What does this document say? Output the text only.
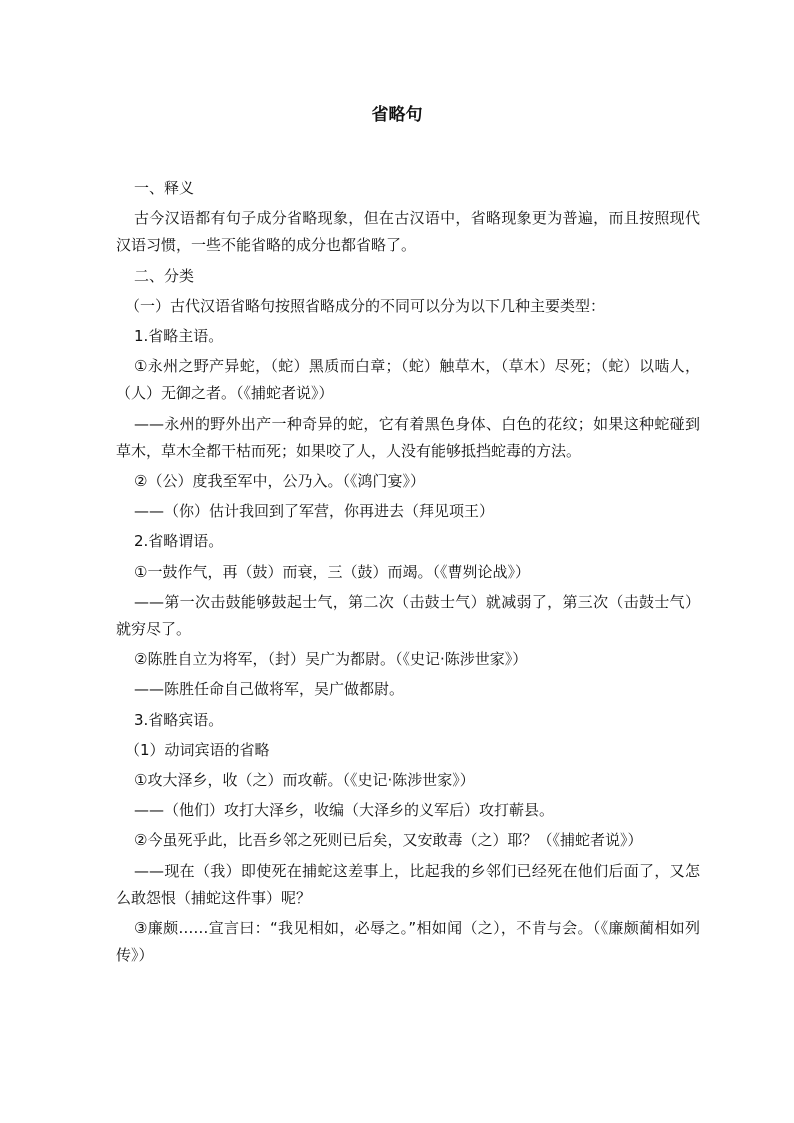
省略句

一、释义

古今汉语都有句子成分省略现象，但在古汉语中，省略现象更为普遍，而且按照现代汉语习惯，一些不能省略的成分也都省略了。

二、分类

（一）古代汉语省略句按照省略成分的不同可以分为以下几种主要类型：

1.省略主语。

①永州之野产异蛇，（蛇）黑质而白章；（蛇）触草木，（草木）尽死；（蛇）以啮人，（人）无御之者。（《捕蛇者说》）

——永州的野外出产一种奇异的蛇，它有着黑色身体、白色的花纹；如果这种蛇碰到草木，草木全都干枯而死；如果咬了人，人没有能够抵挡蛇毒的方法。

②（公）度我至军中，公乃入。（《鸿门宴》）

——（你）估计我回到了军营，你再进去（拜见项王）

2.省略谓语。

①一鼓作气，再（鼓）而衰，三（鼓）而竭。（《曹刿论战》）

——第一次击鼓能够鼓起士气，第二次（击鼓士气）就减弱了，第三次（击鼓士气）就穷尽了。

②陈胜自立为将军，（封）吴广为都尉。（《史记·陈涉世家》）

——陈胜任命自己做将军，吴广做都尉。

3.省略宾语。

（1）动词宾语的省略

①攻大泽乡，收（之）而攻蕲。（《史记·陈涉世家》）

——（他们）攻打大泽乡，收编（大泽乡的义军后）攻打蕲县。

②今虽死乎此，比吾乡邻之死则已后矣，又安敢毒（之）耶？（《捕蛇者说》）

——现在（我）即使死在捕蛇这差事上，比起我的乡邻们已经死在他们后面了，又怎么敢怨恨（捕蛇这件事）呢？

③廉颇……宣言曰：“我见相如，必辱之。”相如闻（之），不肯与会。（《廉颇蔺相如列传》）
